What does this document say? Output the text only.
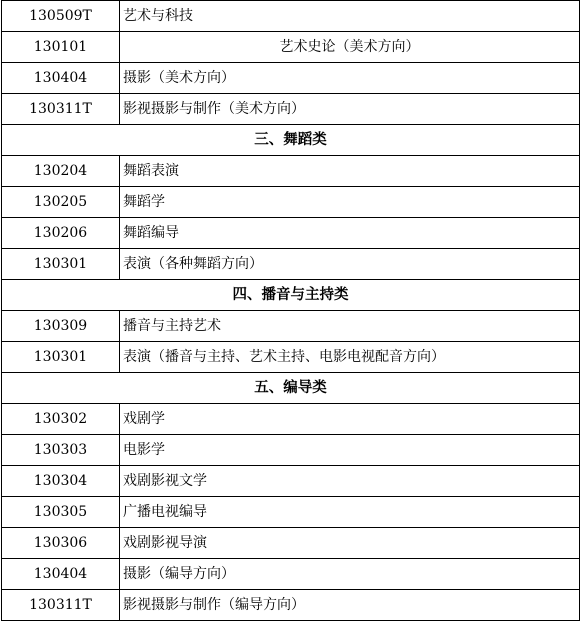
130509T	艺术与科技
130101	艺术史论（美术方向）
130404	摄影（美术方向）
130311T	影视摄影与制作（美术方向）
三、舞蹈类	
130204	舞蹈表演
130205	舞蹈学
130206	舞蹈编导
130301	表演（各种舞蹈方向）
四、播音与主持类	
130309	播音与主持艺术
130301	表演（播音与主持、艺术主持、电影电视配音方向）
五、编导类	
130302	戏剧学
130303	电影学
130304	戏剧影视文学
130305	广播电视编导
130306	戏剧影视导演
130404	摄影（编导方向）
130311T	影视摄影与制作（编导方向）
